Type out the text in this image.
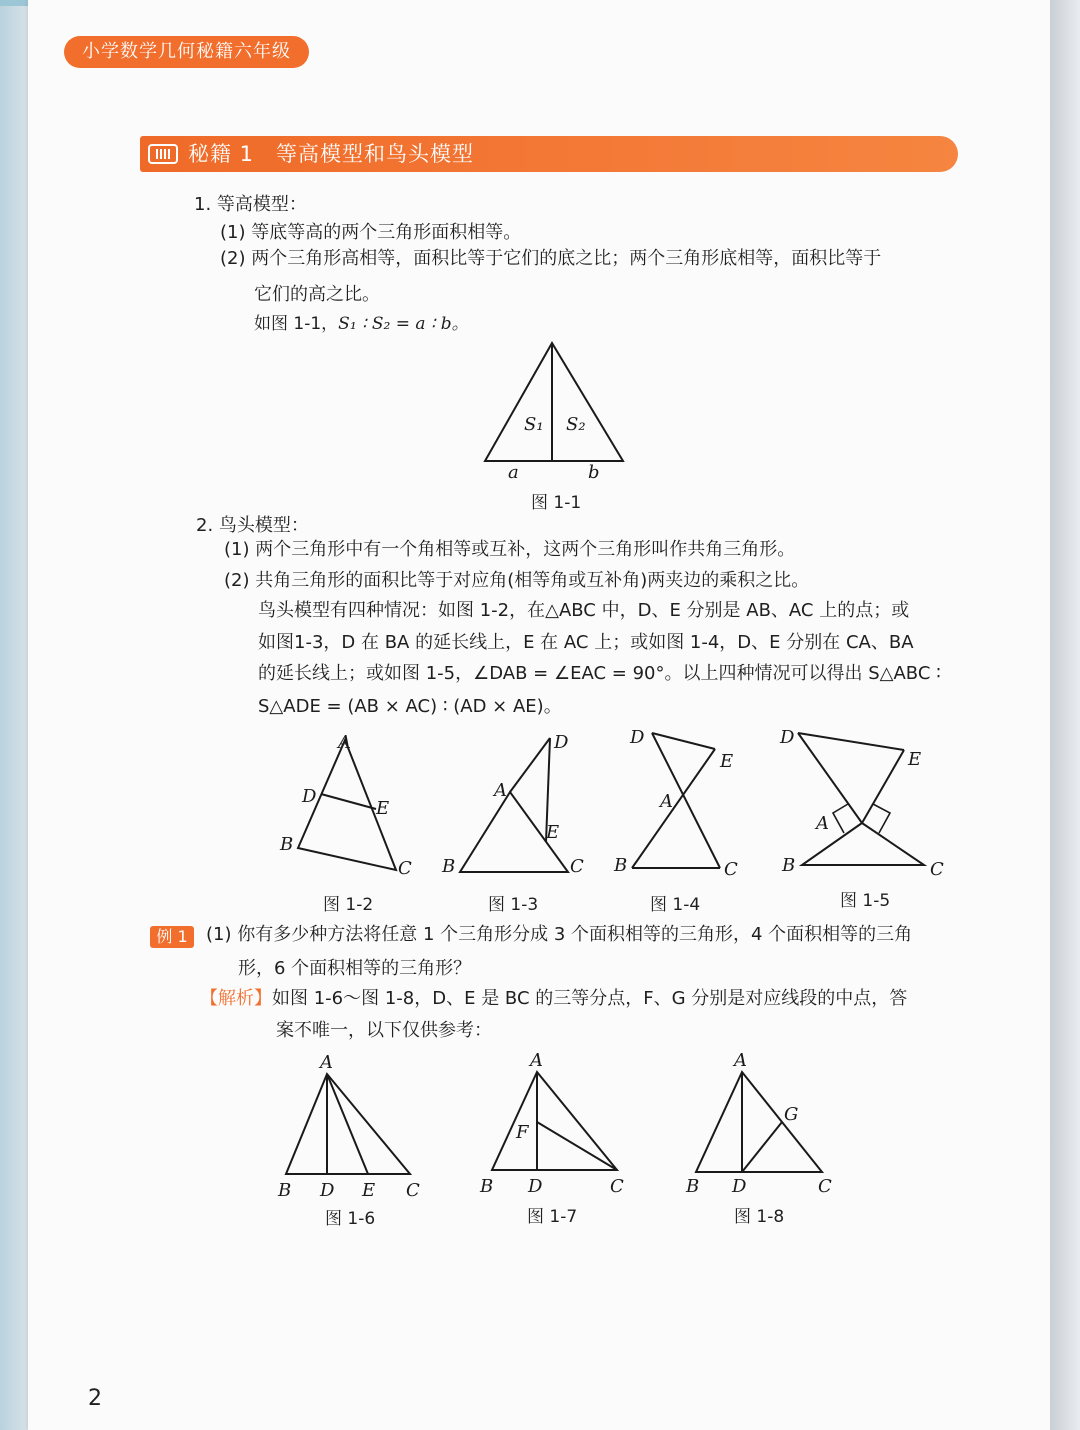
小学数学几何秘籍六年级
秘籍 1　等高模型和鸟头模型
1. 等高模型：
(1) 等底等高的两个三角形面积相等。
(2) 两个三角形高相等，面积比等于它们的底之比；两个三角形底相等，面积比等于
它们的高之比。
如图 1-1，S₁ ∶ S₂ = a ∶ b。
S₁ S₂
a	b
图 1-1
2. 鸟头模型：
(1) 两个三角形中有一个角相等或互补，这两个三角形叫作共角三角形。
(2) 共角三角形的面积比等于对应角(相等角或互补角)两夹边的乘积之比。
鸟头模型有四种情况：如图 1-2，在△ABC 中，D、E 分别是 AB、AC 上的点；或
如图1-3，D 在 BA 的延长线上，E 在 AC 上；或如图 1-4，D、E 分别在 CA、BA
的延长线上；或如图 1-5，∠DAB = ∠EAC = 90°。以上四种情况可以得出 S△ABC ∶
S△ADE = (AB × AC) ∶ (AD × AE)。
A
D
E
B
C
图 1-2
D
A
E
B	C
图 1-3
D
E
A
B	C
图 1-4
D
E
A
B	C
图 1-5
例 1	(1) 你有多少种方法将任意 1 个三角形分成 3 个面积相等的三角形，4 个面积相等的三角
形，6 个面积相等的三角形？
【解析】如图 1-6～图 1-8，D、E 是 BC 的三等分点，F、G 分别是对应线段的中点，答
案不唯一，以下仅供参考：
A
B D E C
图 1-6
A
F
B D	C
图 1-7
A
G
B D	C
图 1-8
2
